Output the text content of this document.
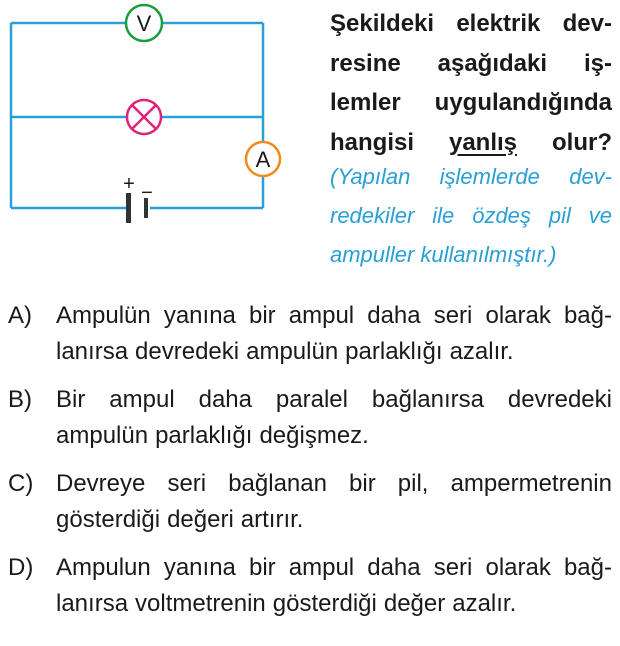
V
A
+ −
Şekildeki elektrik dev-
resine aşağıdaki iş-
lemler uygulandığında
hangisi yanlış olur?
(Yapılan işlemlerde dev-
redekiler ile özdeş pil ve
ampuller kullanılmıştır.)
A)	Ampulün yanına bir ampul daha seri olarak bağ-
lanırsa devredeki ampulün parlaklığı azalır.
B)	Bir ampul daha paralel bağlanırsa devredeki
ampulün parlaklığı değişmez.
C) Devreye seri bağlanan bir pil, ampermetrenin
gösterdiği değeri artırır.
D) Ampulun yanına bir ampul daha seri olarak bağ-
lanırsa voltmetrenin gösterdiği değer azalır.
